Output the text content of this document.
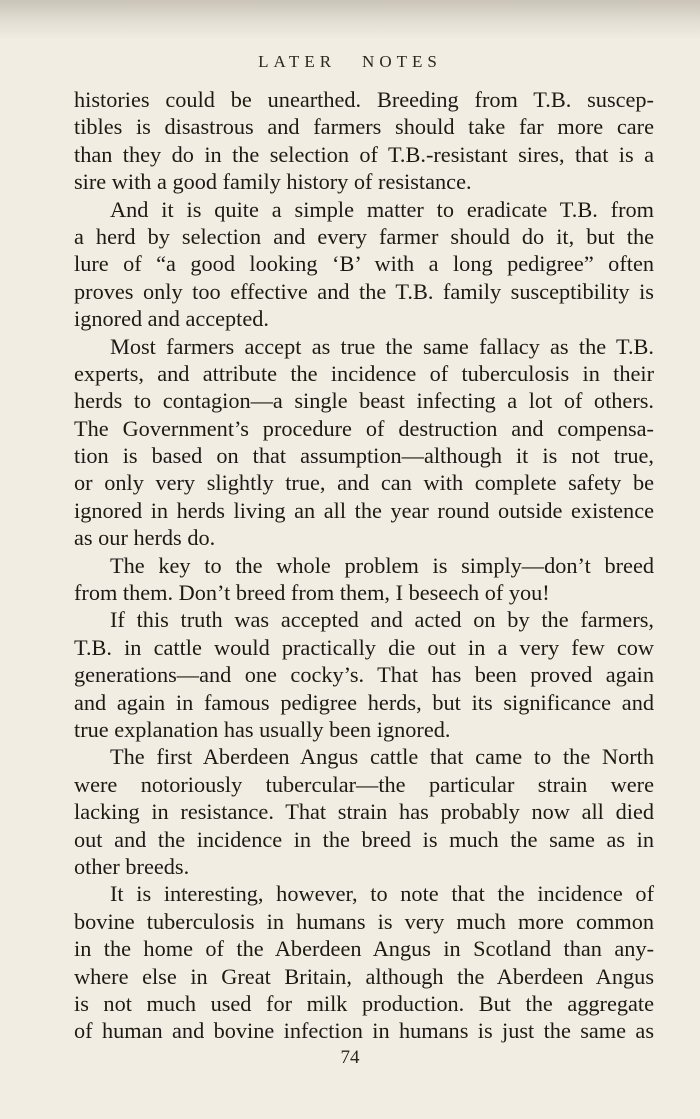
LATER NOTES
histories could be unearthed. Breeding from T.B. suscep-
tibles is disastrous and farmers should take far more care
than they do in the selection of T.B.-resistant sires, that is a
sire with a good family history of resistance.
And it is quite a simple matter to eradicate T.B. from
a herd by selection and every farmer should do it, but the
lure of “a good looking ‘B’ with a long pedigree” often
proves only too effective and the T.B. family susceptibility is
ignored and accepted.
Most farmers accept as true the same fallacy as the T.B.
experts, and attribute the incidence of tuberculosis in their
herds to contagion—a single beast infecting a lot of others.
The Government’s procedure of destruction and compensa-
tion is based on that assumption—although it is not true,
or only very slightly true, and can with complete safety be
ignored in herds living an all the year round outside existence
as our herds do.
The key to the whole problem is simply—don’t breed
from them. Don’t breed from them, I beseech of you!
If this truth was accepted and acted on by the farmers,
T.B. in cattle would practically die out in a very few cow
generations—and one cocky’s. That has been proved again
and again in famous pedigree herds, but its significance and
true explanation has usually been ignored.
The first Aberdeen Angus cattle that came to the North
were notoriously tubercular—the particular strain were
lacking in resistance. That strain has probably now all died
out and the incidence in the breed is much the same as in
other breeds.
It is interesting, however, to note that the incidence of
bovine tuberculosis in humans is very much more common
in the home of the Aberdeen Angus in Scotland than any-
where else in Great Britain, although the Aberdeen Angus
is not much used for milk production. But the aggregate
of human and bovine infection in humans is just the same as
74
